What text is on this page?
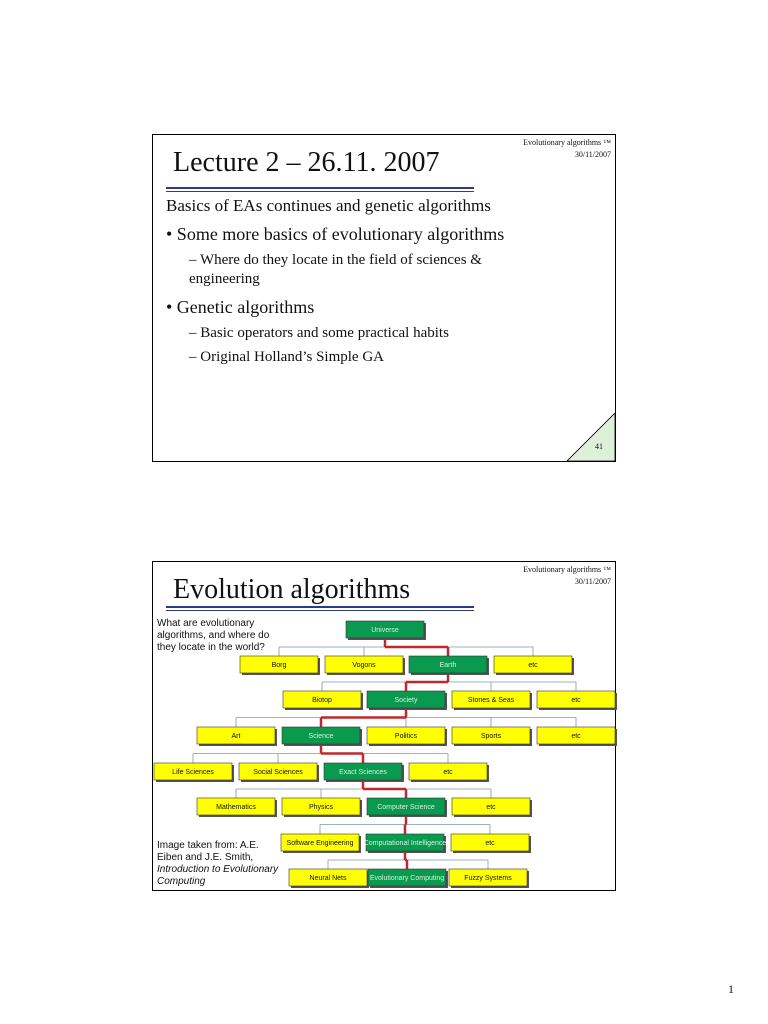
Evolutionary algorithms ™
30/11/2007
Lecture 2 – 26.11. 2007
Basics of EAs continues and genetic algorithms
• Some more basics of evolutionary algorithms
– Where do they locate in the field of sciences & engineering
• Genetic algorithms
– Basic operators and some practical habits
– Original Holland’s Simple GA
41
Evolutionary algorithms ™
30/11/2007
Evolution algorithms
What are evolutionary algorithms, and where do they locate in the world?
Image taken from: A.E. Eiben and J.E. Smith,
Introduction to Evolutionary Computing
Universe
Borg	Vogons	Earth	etc
Biotop	Society	Stones & Seas	etc
Art	Science	Politics	Sports	etc
Life Sciences	Social Sciences	Exact Sciences	etc
Mathematics	Physics	Computer Science	etc
Software Engineering Computational Intelligence	etc
Neural Nets	Evolutionary Computing	Fuzzy Systems
1
